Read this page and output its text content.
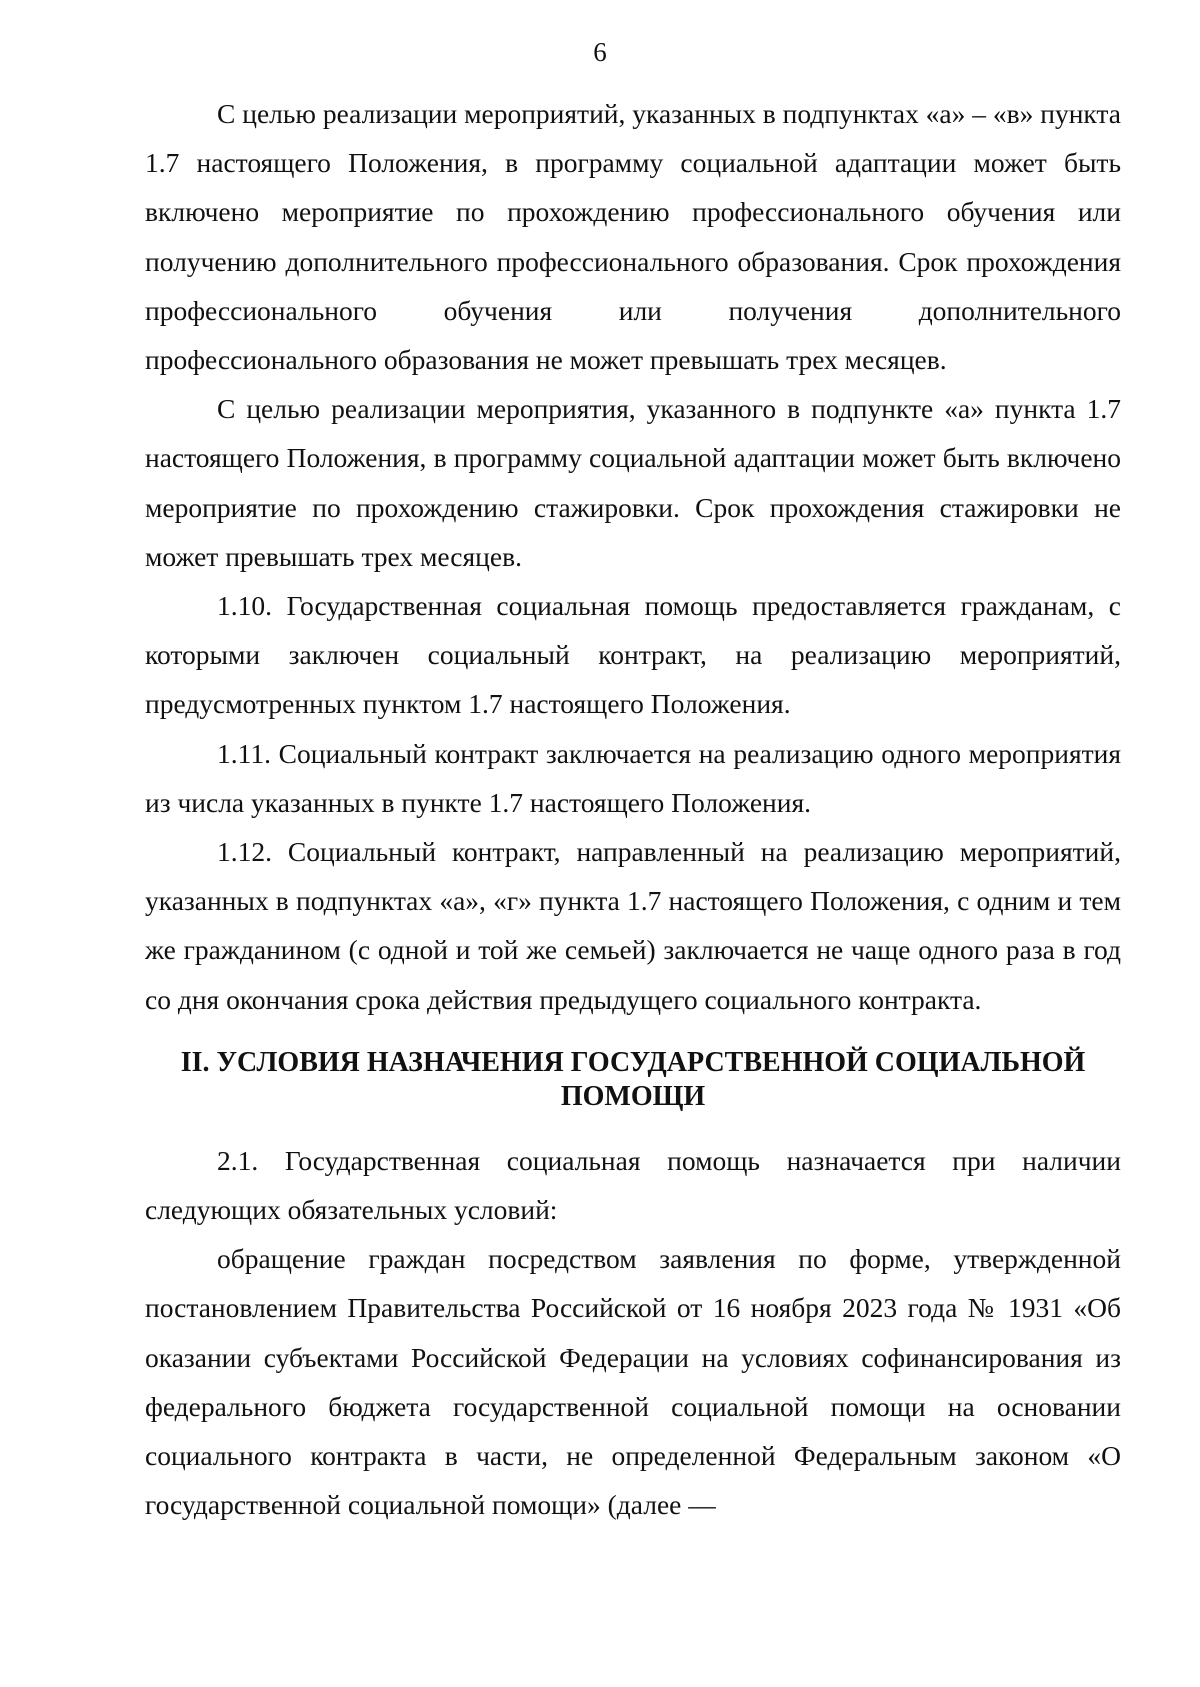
6

С целью реализации мероприятий, указанных в подпунктах «а» – «в» пункта 1.7 настоящего Положения, в программу социальной адаптации может быть включено мероприятие по прохождению профессионального обучения или получению дополнительного профессионального образования. Срок прохождения профессионального обучения или получения дополнительного профессионального образования не может превышать трех месяцев.

С целью реализации мероприятия, указанного в подпункте «а» пункта 1.7 настоящего Положения, в программу социальной адаптации может быть включено мероприятие по прохождению стажировки. Срок прохождения стажировки не может превышать трех месяцев.

1.10. Государственная социальная помощь предоставляется гражданам, с которыми заключен социальный контракт, на реализацию мероприятий, предусмотренных пунктом 1.7 настоящего Положения.

1.11. Социальный контракт заключается на реализацию одного мероприятия из числа указанных в пункте 1.7 настоящего Положения.

1.12. Социальный контракт, направленный на реализацию мероприятий, указанных в подпунктах «а», «г» пункта 1.7 настоящего Положения, с одним и тем же гражданином (с одной и той же семьей) заключается не чаще одного раза в год со дня окончания срока действия предыдущего социального контракта.

II. УСЛОВИЯ НАЗНАЧЕНИЯ ГОСУДАРСТВЕННОЙ СОЦИАЛЬНОЙ
ПОМОЩИ

2.1. Государственная социальная помощь назначается при наличии следующих обязательных условий:

обращение граждан посредством заявления по форме, утвержденной постановлением Правительства Российской от 16 ноября 2023 года № 1931 «Об оказании субъектами Российской Федерации на условиях софинансирования из федерального бюджета государственной социальной помощи на основании социального контракта в части, не определенной Федеральным законом «О государственной социальной помощи» (далее —
